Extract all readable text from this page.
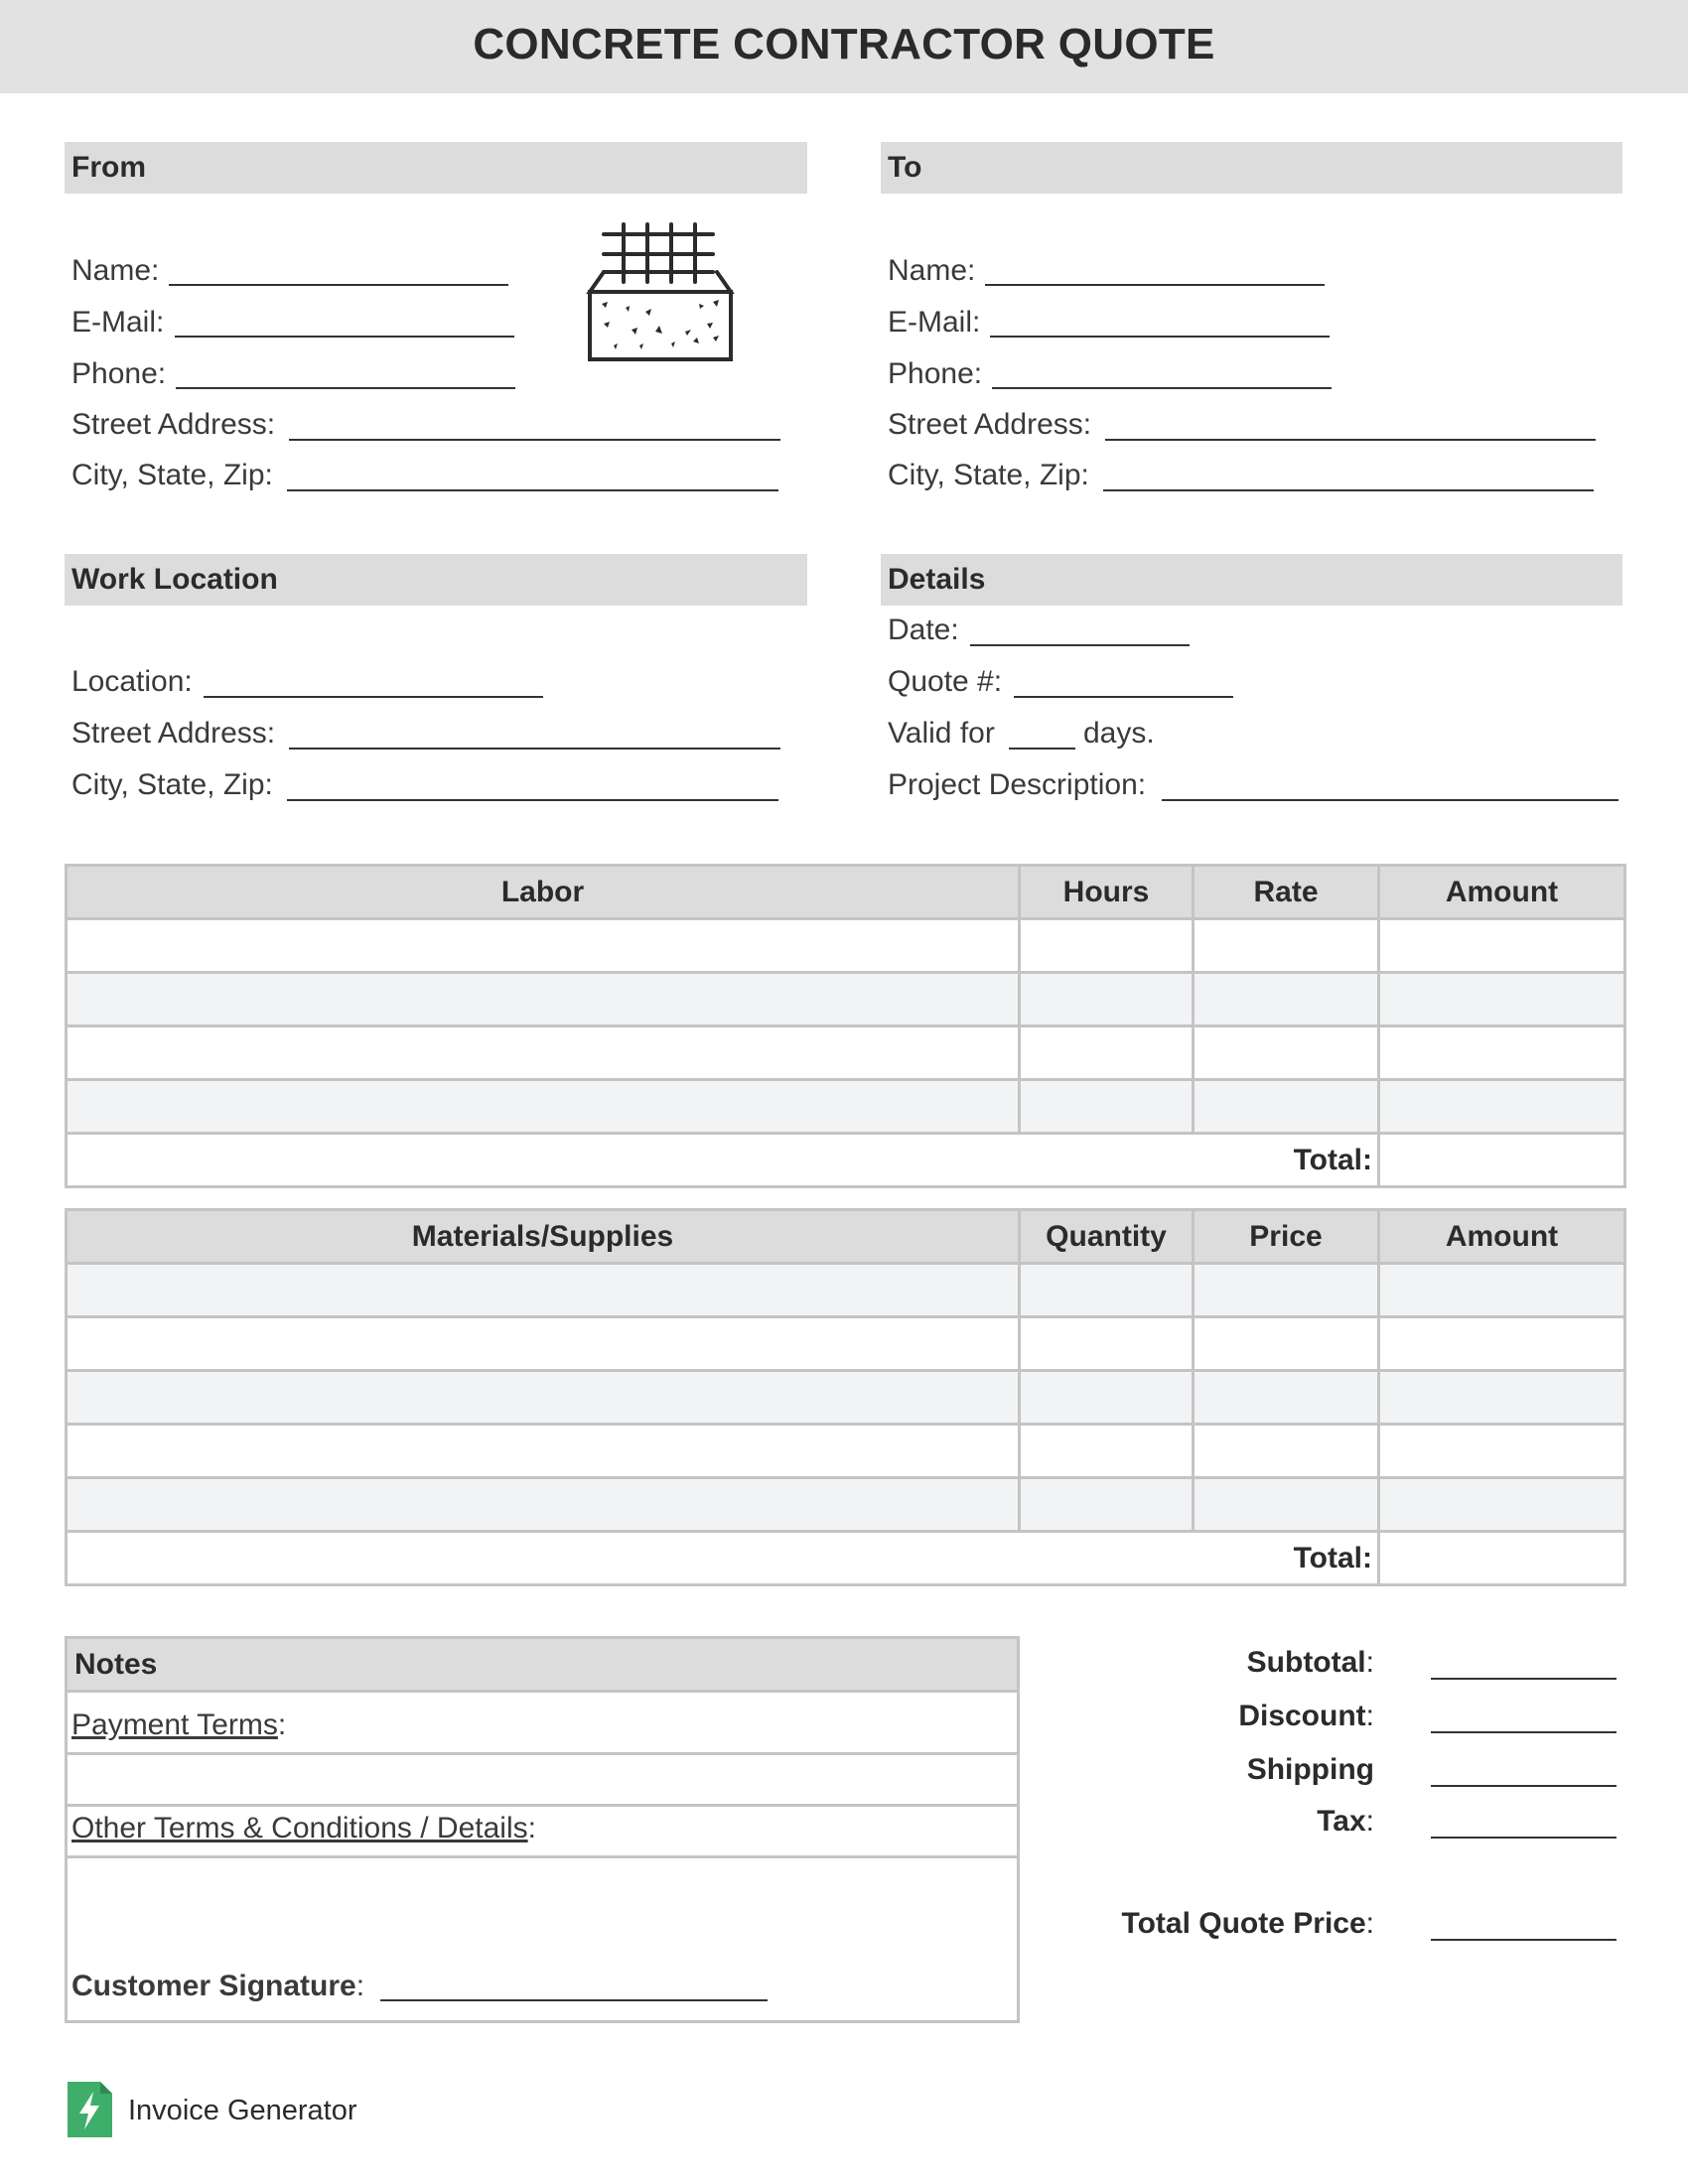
CONCRETE CONTRACTOR QUOTE
From
Name:
E-Mail:
Phone:
Street Address:
City, State, Zip:
To
Name:
E-Mail:
Phone:
Street Address:
City, State, Zip:
Work Location
Location:
Street Address:
City, State, Zip:
Details
Date:
Quote #:
Valid for	days.
Project Description:
Labor	Hours	Rate	Amount

Total:			
Materials/Supplies	Quantity	Price	Amount

Total:			
Notes
Payment Terms:
Other Terms & Conditions / Details:
Customer Signature:
Subtotal:
Discount:
Shipping
Tax:
Total Quote Price:
Invoice Generator
